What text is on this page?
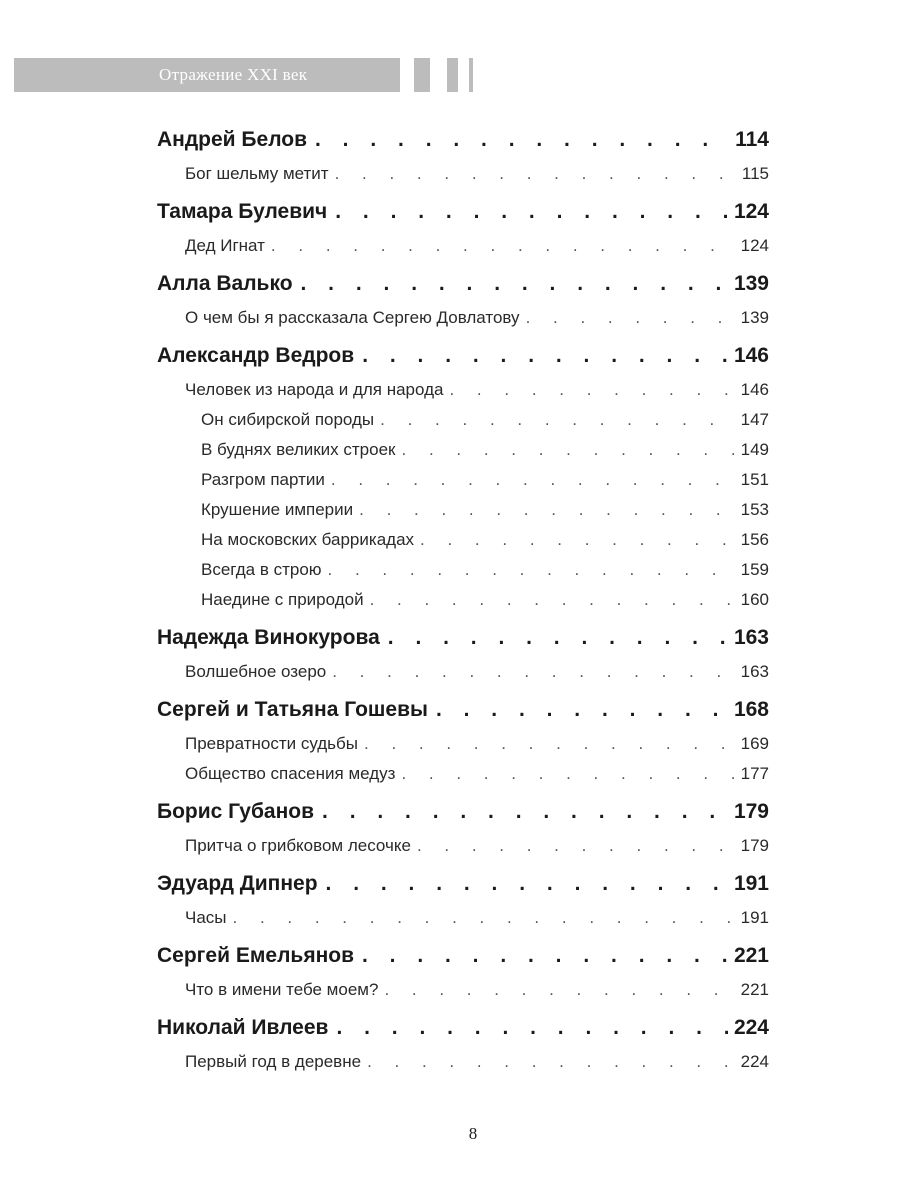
Отражение XXI век
Андрей Белов . . .	114
Бог шельму метит . . .	115
Тамара Булевич . . .	124
Дед Игнат . . .	124
Алла Валько . . .	139
О чем бы я рассказала Сергею Довлатову . . .	139
Александр Ведров . . .	146
Человек из народа и для народа . . .	146
Он сибирской породы . . .	147
В буднях великих строек . . .	149
Разгром партии . . .	151
Крушение империи . . .	153
На московских баррикадах . . .	156
Всегда в строю . . .	159
Наедине с природой . . .	160
Надежда Винокурова . . .	163
Волшебное озеро . . .	163
Сергей и Татьяна Гошевы . . .	168
Превратности судьбы . . .	169
Общество спасения медуз . . .	177
Борис Губанов . . .	179
Притча о грибковом лесочке . . .	179
Эдуард Дипнер . . .	191
Часы . . .	191
Сергей Емельянов . . .	221
Что в имени тебе моем? . . .	221
Николай Ивлеев . . .	224
Первый год в деревне . . .	224
8
